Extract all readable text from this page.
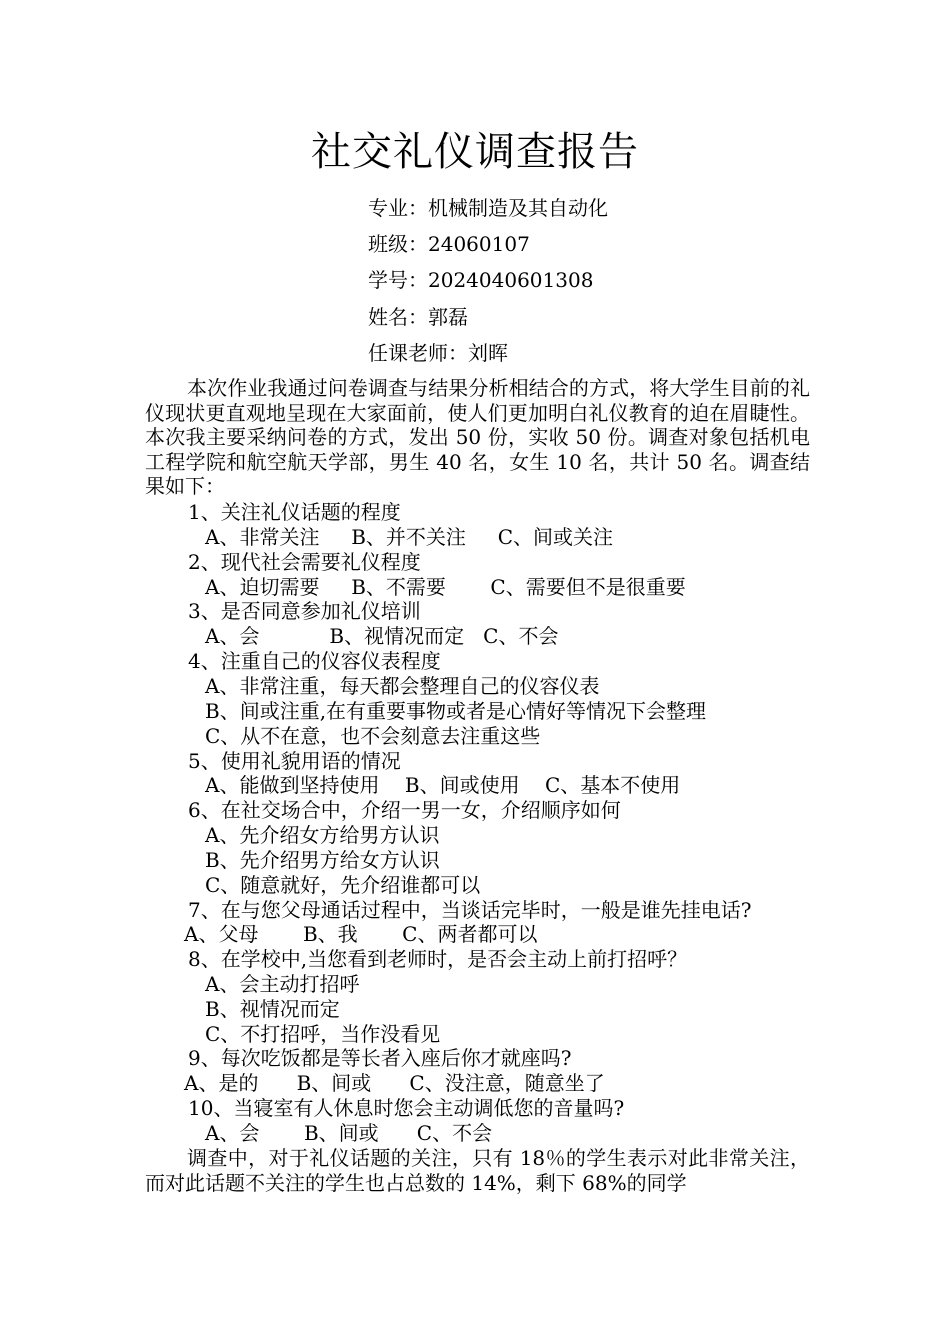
社交礼仪调查报告
专业：机械制造及其自动化
班级：24060107
学号：2024040601308
姓名：郭磊
任课老师：刘晖
本次作业我通过问卷调查与结果分析相结合的方式，将大学生目前的礼仪现状更直观地呈现在大家面前，使人们更加明白礼仪教育的迫在眉睫性。本次我主要采纳问卷的方式，发出 50 份，实收 50 份。调查对象包括机电工程学院和航空航天学部，男生 40 名，女生 10 名，共计 50 名。调查结果如下：
1、关注礼仪话题的程度
A、非常关注     B、并不关注     C、间或关注
2、现代社会需要礼仪程度
A、迫切需要     B、不需要       C、需要但不是很重要
3、是否同意参加礼仪培训
A、会           B、视情况而定   C、不会
4、注重自己的仪容仪表程度
A、非常注重，每天都会整理自己的仪容仪表
B、间或注重,在有重要事物或者是心情好等情况下会整理
C、从不在意，也不会刻意去注重这些
5、使用礼貌用语的情况
A、能做到坚持使用    B、间或使用    C、基本不使用
6、在社交场合中，介绍一男一女，介绍顺序如何
A、先介绍女方给男方认识
B、先介绍男方给女方认识
C、随意就好，先介绍谁都可以
7、在与您父母通话过程中，当谈话完毕时，一般是谁先挂电话?
A、父母       B、我       C、两者都可以
8、在学校中,当您看到老师时，是否会主动上前打招呼？
A、会主动打招呼
B、视情况而定
C、不打招呼，当作没看见
9、每次吃饭都是等长者入座后你才就座吗?
A、是的      B、间或      C、没注意，随意坐了
10、当寝室有人休息时您会主动调低您的音量吗?
A、会       B、间或      C、不会
调查中，对于礼仪话题的关注，只有 18％的学生表示对此非常关注，而对此话题不关注的学生也占总数的 14%，剩下 68%的同学
